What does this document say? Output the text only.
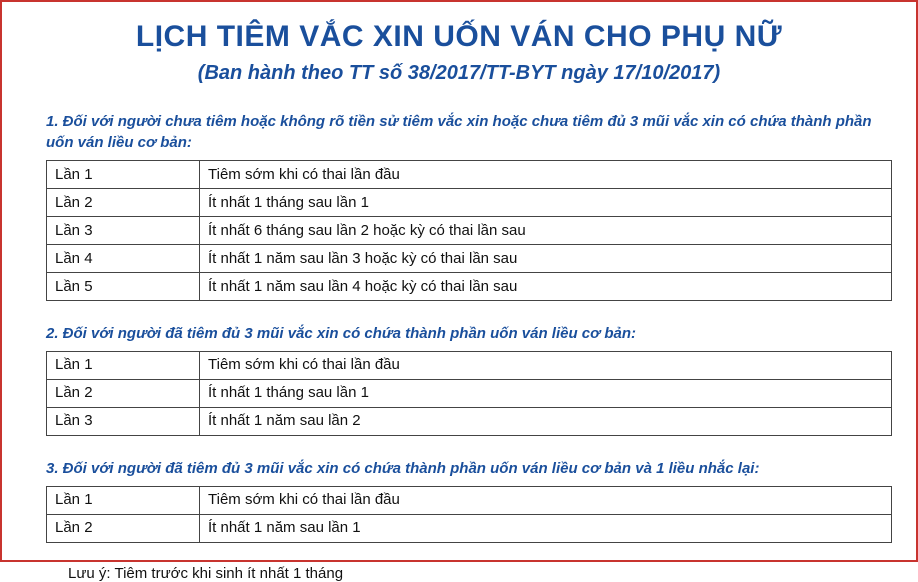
LỊCH TIÊM VẮC XIN UỐN VÁN CHO PHỤ NỮ
(Ban hành theo TT số 38/2017/TT-BYT ngày 17/10/2017)
1. Đối với người chưa tiêm hoặc không rõ tiền sử tiêm vắc xin hoặc chưa tiêm đủ 3 mũi vắc xin có chứa thành phần uốn ván liều cơ bản:
Lần 1	Tiêm sớm khi có thai lần đầu
Lần 2	Ít nhất 1 tháng sau lần 1
Lần 3	Ít nhất 6 tháng sau lần 2 hoặc kỳ có thai lần sau
Lần 4	Ít nhất 1 năm sau lần 3 hoặc kỳ có thai lần sau
Lần 5	Ít nhất 1 năm sau lần 4 hoặc kỳ có thai lần sau
2. Đối với người đã tiêm đủ 3 mũi vắc xin có chứa thành phần uốn ván liều cơ bản:
Lần 1	Tiêm sớm khi có thai lần đầu
Lần 2	Ít nhất 1 tháng sau lần 1
Lần 3	Ít nhất 1 năm sau lần 2
3. Đối với người đã tiêm đủ 3 mũi vắc xin có chứa thành phần uốn ván liều cơ bản và 1 liều nhắc lại:
Lần 1	Tiêm sớm khi có thai lần đầu
Lần 2	Ít nhất 1 năm sau lần 1
Lưu ý: Tiêm trước khi sinh ít nhất 1 tháng
